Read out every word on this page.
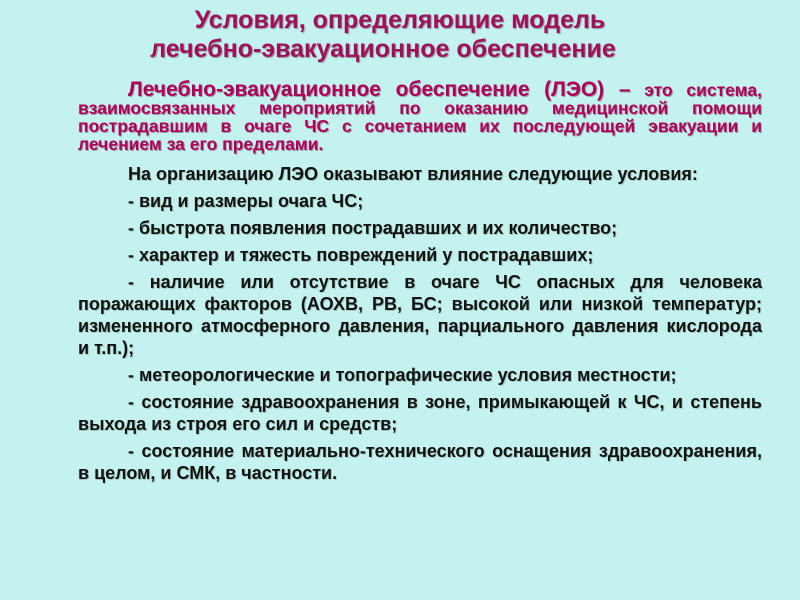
Условия, определяющие модель
лечебно-эвакуационное обеспечение

Лечебно-эвакуационное обеспечение (ЛЭО) – это система, взаимосвязанных мероприятий по оказанию медицинской помощи пострадавшим в очаге ЧС с сочетанием их последующей эвакуации и лечением за его пределами.

На организацию ЛЭО оказывают влияние следующие условия:

- вид и размеры очага ЧС;

- быстрота появления пострадавших и их количество;

- характер и тяжесть повреждений у пострадавших;

- наличие или отсутствие в очаге ЧС опасных для человека поражающих факторов (АОХВ, РВ, БС; высокой или низкой температур; измененного атмосферного давления, парциального давления кислорода и т.п.);

- метеорологические и топографические условия местности;

- состояние здравоохранения в зоне, примыкающей к ЧС, и степень выхода из строя его сил и средств;

- состояние материально-технического оснащения здравоохранения, в целом, и СМК, в частности.
